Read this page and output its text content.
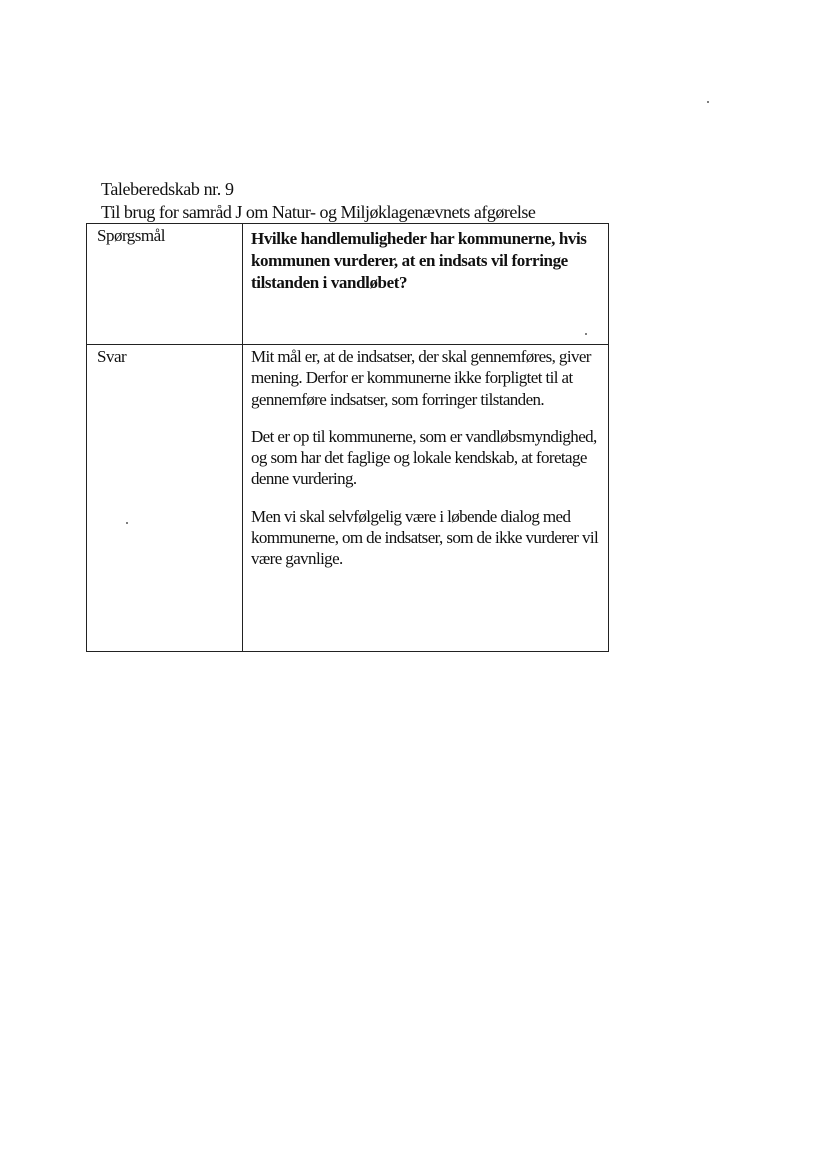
Taleberedskab nr. 9
Til brug for samråd J om Natur- og Miljøklagenævnets afgørelse
Spørgsmål	Hvilke handlemuligheder har kommunerne, hvis kommunen vurderer, at en indsats vil forringe tilstanden i vandløbet?

Svar	Mit mål er, at de indsatser, der skal gennemføres, giver mening. Derfor er kommunerne ikke forpligtet til at gennemføre indsatser, som forringer tilstanden.

Det er op til kommunerne, som er vandløbsmyndighed, og som har det faglige og lokale kendskab, at foretage denne vurdering.

Men vi skal selvfølgelig være i løbende dialog med kommunerne, om de indsatser, som de ikke vurderer vil være gavnlige.
